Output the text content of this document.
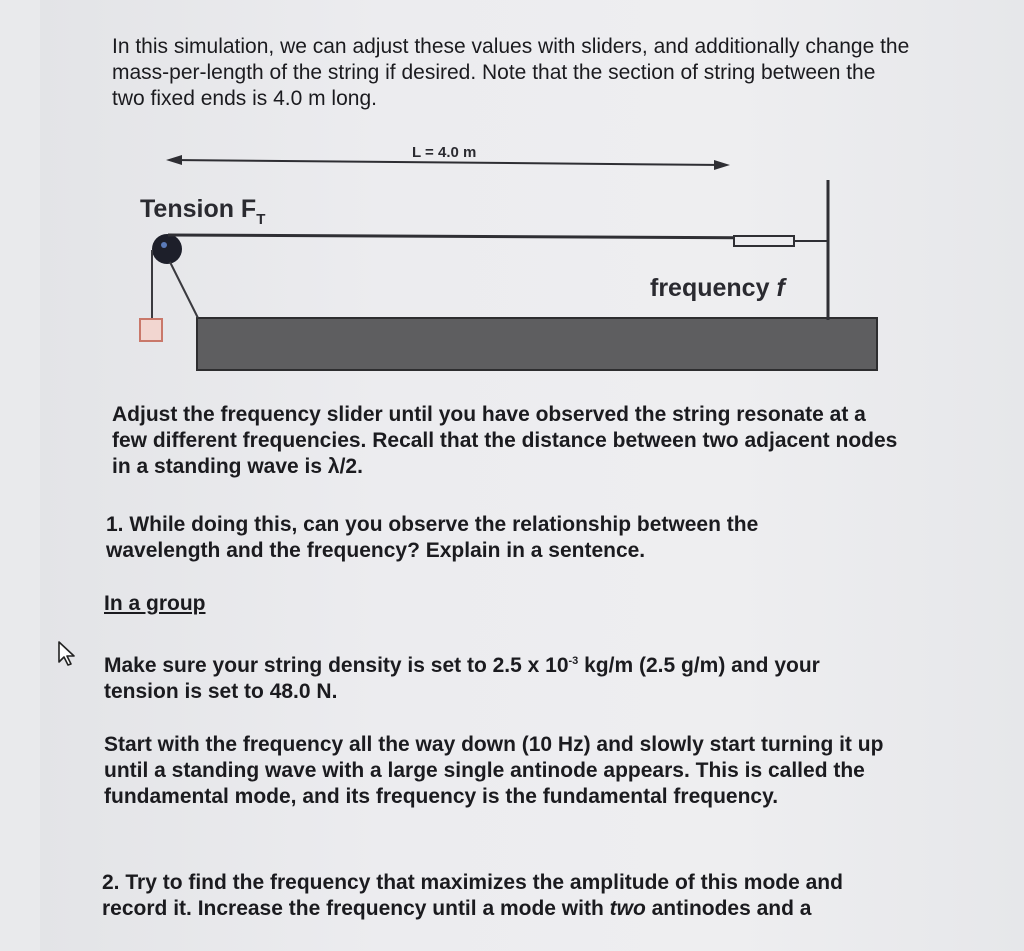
In this simulation, we can adjust these values with sliders, and additionally change the mass-per-length of the string if desired. Note that the section of string between the two fixed ends is 4.0 m long.

L = 4.0 m
Tension $F_T$
frequency f

Adjust the frequency slider until you have observed the string resonate at a few different frequencies. Recall that the distance between two adjacent nodes in a standing wave is λ/2.

1. While doing this, can you observe the relationship between the wavelength and the frequency? Explain in a sentence.

In a group

Make sure your string density is set to 2.5 x $10^{-3}$ kg/m (2.5 g/m) and your tension is set to 48.0 N.

Start with the frequency all the way down (10 Hz) and slowly start turning it up until a standing wave with a large single antinode appears. This is called the fundamental mode, and its frequency is the fundamental frequency.

2. Try to find the frequency that maximizes the amplitude of this mode and record it. Increase the frequency until a mode with two antinodes and a
